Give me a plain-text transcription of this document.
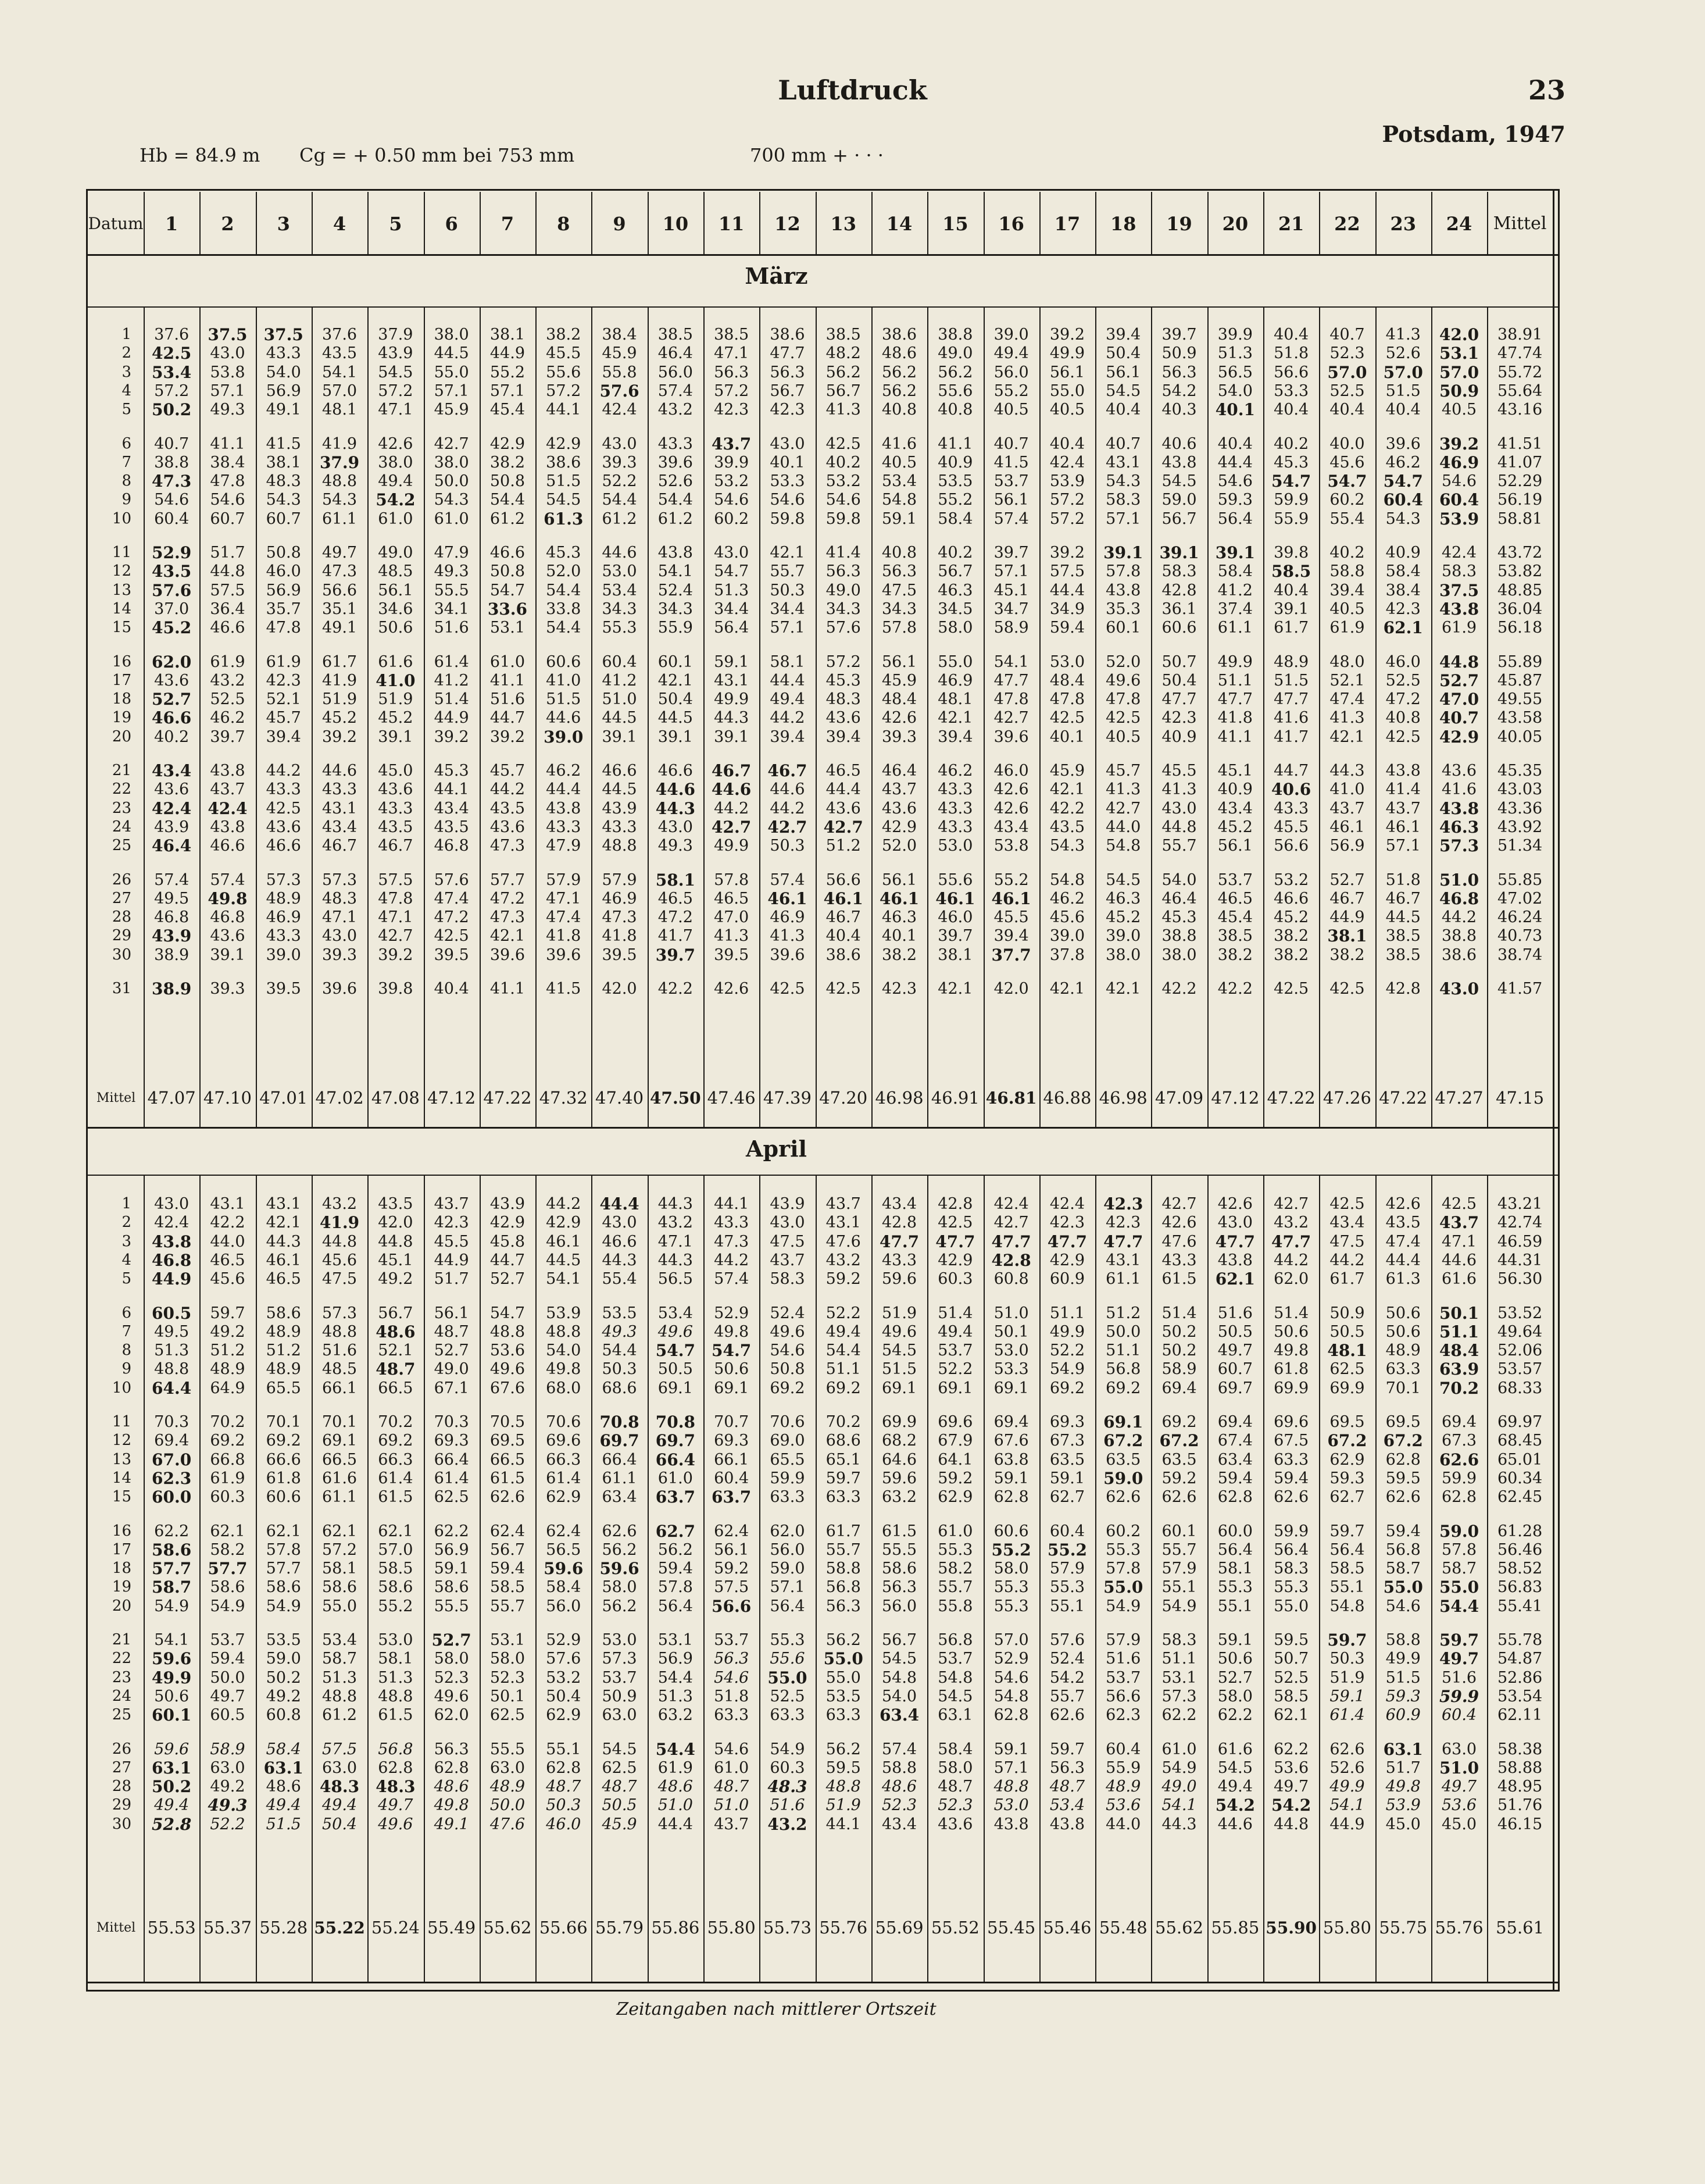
Luftdruck	23
Potsdam, 1947
Hb = 84.9 m Cg = + 0.50 mm bei 753 mm	700 mm + · · ·
Zeitangaben nach mittlerer Ortszeit
Datum	1	2	3	4	5	6	7	8	9	10	11	12	13	14	15	16	17	18	19	20	21	22	23	24	Mittel
März
1	37.6	37.5	37.5	37.6	37.9	38.0	38.1	38.2	38.4	38.5	38.5	38.6	38.5	38.6	38.8	39.0	39.2	39.4	39.7	39.9	40.4	40.7	41.3	42.0	38.91
2	42.5	43.0	43.3	43.5	43.9	44.5	44.9	45.5	45.9	46.4	47.1	47.7	48.2	48.6	49.0	49.4	49.9	50.4	50.9	51.3	51.8	52.3	52.6	53.1	47.74
3	53.4	53.8	54.0	54.1	54.5	55.0	55.2	55.6	55.8	56.0	56.3	56.3	56.2	56.2	56.2	56.0	56.1	56.1	56.3	56.5	56.6	57.0	57.0	57.0	55.72
4	57.2	57.1	56.9	57.0	57.2	57.1	57.1	57.2	57.6	57.4	57.2	56.7	56.7	56.2	55.6	55.2	55.0	54.5	54.2	54.0	53.3	52.5	51.5	50.9	55.64
5	50.2	49.3	49.1	48.1	47.1	45.9	45.4	44.1	42.4	43.2	42.3	42.3	41.3	40.8	40.8	40.5	40.5	40.4	40.3	40.1	40.4	40.4	40.4	40.5	43.16
6	40.7	41.1	41.5	41.9	42.6	42.7	42.9	42.9	43.0	43.3	43.7	43.0	42.5	41.6	41.1	40.7	40.4	40.7	40.6	40.4	40.2	40.0	39.6	39.2	41.51
7	38.8	38.4	38.1	37.9	38.0	38.0	38.2	38.6	39.3	39.6	39.9	40.1	40.2	40.5	40.9	41.5	42.4	43.1	43.8	44.4	45.3	45.6	46.2	46.9	41.07
8	47.3	47.8	48.3	48.8	49.4	50.0	50.8	51.5	52.2	52.6	53.2	53.3	53.2	53.4	53.5	53.7	53.9	54.3	54.5	54.6	54.7	54.7	54.7	54.6	52.29
9	54.6	54.6	54.3	54.3	54.2	54.3	54.4	54.5	54.4	54.4	54.6	54.6	54.6	54.8	55.2	56.1	57.2	58.3	59.0	59.3	59.9	60.2	60.4	60.4	56.19
10	60.4	60.7	60.7	61.1	61.0	61.0	61.2	61.3	61.2	61.2	60.2	59.8	59.8	59.1	58.4	57.4	57.2	57.1	56.7	56.4	55.9	55.4	54.3	53.9	58.81
11	52.9	51.7	50.8	49.7	49.0	47.9	46.6	45.3	44.6	43.8	43.0	42.1	41.4	40.8	40.2	39.7	39.2	39.1	39.1	39.1	39.8	40.2	40.9	42.4	43.72
12	43.5	44.8	46.0	47.3	48.5	49.3	50.8	52.0	53.0	54.1	54.7	55.7	56.3	56.3	56.7	57.1	57.5	57.8	58.3	58.4	58.5	58.8	58.4	58.3	53.82
13	57.6	57.5	56.9	56.6	56.1	55.5	54.7	54.4	53.4	52.4	51.3	50.3	49.0	47.5	46.3	45.1	44.4	43.8	42.8	41.2	40.4	39.4	38.4	37.5	48.85
14	37.0	36.4	35.7	35.1	34.6	34.1	33.6	33.8	34.3	34.3	34.4	34.4	34.3	34.3	34.5	34.7	34.9	35.3	36.1	37.4	39.1	40.5	42.3	43.8	36.04
15	45.2	46.6	47.8	49.1	50.6	51.6	53.1	54.4	55.3	55.9	56.4	57.1	57.6	57.8	58.0	58.9	59.4	60.1	60.6	61.1	61.7	61.9	62.1	61.9	56.18
16	62.0	61.9	61.9	61.7	61.6	61.4	61.0	60.6	60.4	60.1	59.1	58.1	57.2	56.1	55.0	54.1	53.0	52.0	50.7	49.9	48.9	48.0	46.0	44.8	55.89
17	43.6	43.2	42.3	41.9	41.0	41.2	41.1	41.0	41.2	42.1	43.1	44.4	45.3	45.9	46.9	47.7	48.4	49.6	50.4	51.1	51.5	52.1	52.5	52.7	45.87
18	52.7	52.5	52.1	51.9	51.9	51.4	51.6	51.5	51.0	50.4	49.9	49.4	48.3	48.4	48.1	47.8	47.8	47.8	47.7	47.7	47.7	47.4	47.2	47.0	49.55
19	46.6	46.2	45.7	45.2	45.2	44.9	44.7	44.6	44.5	44.5	44.3	44.2	43.6	42.6	42.1	42.7	42.5	42.5	42.3	41.8	41.6	41.3	40.8	40.7	43.58
20	40.2	39.7	39.4	39.2	39.1	39.2	39.2	39.0	39.1	39.1	39.1	39.4	39.4	39.3	39.4	39.6	40.1	40.5	40.9	41.1	41.7	42.1	42.5	42.9	40.05
21	43.4	43.8	44.2	44.6	45.0	45.3	45.7	46.2	46.6	46.6	46.7	46.7	46.5	46.4	46.2	46.0	45.9	45.7	45.5	45.1	44.7	44.3	43.8	43.6	45.35
22	43.6	43.7	43.3	43.3	43.6	44.1	44.2	44.4	44.5	44.6	44.6	44.6	44.4	43.7	43.3	42.6	42.1	41.3	41.3	40.9	40.6	41.0	41.4	41.6	43.03
23	42.4	42.4	42.5	43.1	43.3	43.4	43.5	43.8	43.9	44.3	44.2	44.2	43.6	43.6	43.3	42.6	42.2	42.7	43.0	43.4	43.3	43.7	43.7	43.8	43.36
24	43.9	43.8	43.6	43.4	43.5	43.5	43.6	43.3	43.3	43.0	42.7	42.7	42.7	42.9	43.3	43.4	43.5	44.0	44.8	45.2	45.5	46.1	46.1	46.3	43.92
25	46.4	46.6	46.6	46.7	46.7	46.8	47.3	47.9	48.8	49.3	49.9	50.3	51.2	52.0	53.0	53.8	54.3	54.8	55.7	56.1	56.6	56.9	57.1	57.3	51.34
26	57.4	57.4	57.3	57.3	57.5	57.6	57.7	57.9	57.9	58.1	57.8	57.4	56.6	56.1	55.6	55.2	54.8	54.5	54.0	53.7	53.2	52.7	51.8	51.0	55.85
27	49.5	49.8	48.9	48.3	47.8	47.4	47.2	47.1	46.9	46.5	46.5	46.1	46.1	46.1	46.1	46.1	46.2	46.3	46.4	46.5	46.6	46.7	46.7	46.8	47.02
28	46.8	46.8	46.9	47.1	47.1	47.2	47.3	47.4	47.3	47.2	47.0	46.9	46.7	46.3	46.0	45.5	45.6	45.2	45.3	45.4	45.2	44.9	44.5	44.2	46.24
29	43.9	43.6	43.3	43.0	42.7	42.5	42.1	41.8	41.8	41.7	41.3	41.3	40.4	40.1	39.7	39.4	39.0	39.0	38.8	38.5	38.2	38.1	38.5	38.8	40.73
30	38.9	39.1	39.0	39.3	39.2	39.5	39.6	39.6	39.5	39.7	39.5	39.6	38.6	38.2	38.1	37.7	37.8	38.0	38.0	38.2	38.2	38.2	38.5	38.6	38.74
31	38.9	39.3	39.5	39.6	39.8	40.4	41.1	41.5	42.0	42.2	42.6	42.5	42.5	42.3	42.1	42.0	42.1	42.1	42.2	42.2	42.5	42.5	42.8	43.0	41.57
Mittel 47.07 47.10 47.01 47.02 47.08 47.12 47.22 47.32 47.40 47.50 47.46 47.39 47.20 46.98 46.91 46.81 46.88 46.98 47.09 47.12 47.22 47.26 47.22 47.27 47.15
April
1	43.0	43.1	43.1	43.2	43.5	43.7	43.9	44.2	44.4	44.3	44.1	43.9	43.7	43.4	42.8	42.4	42.4	42.3	42.7	42.6	42.7	42.5	42.6	42.5	43.21
2	42.4	42.2	42.1	41.9	42.0	42.3	42.9	42.9	43.0	43.2	43.3	43.0	43.1	42.8	42.5	42.7	42.3	42.3	42.6	43.0	43.2	43.4	43.5	43.7	42.74
3	43.8	44.0	44.3	44.8	44.8	45.5	45.8	46.1	46.6	47.1	47.3	47.5	47.6	47.7	47.7	47.7	47.7	47.7	47.6	47.7	47.7	47.5	47.4	47.1	46.59
4	46.8	46.5	46.1	45.6	45.1	44.9	44.7	44.5	44.3	44.3	44.2	43.7	43.2	43.3	42.9	42.8	42.9	43.1	43.3	43.8	44.2	44.2	44.4	44.6	44.31
5	44.9	45.6	46.5	47.5	49.2	51.7	52.7	54.1	55.4	56.5	57.4	58.3	59.2	59.6	60.3	60.8	60.9	61.1	61.5	62.1	62.0	61.7	61.3	61.6	56.30
6	60.5	59.7	58.6	57.3	56.7	56.1	54.7	53.9	53.5	53.4	52.9	52.4	52.2	51.9	51.4	51.0	51.1	51.2	51.4	51.6	51.4	50.9	50.6	50.1	53.52
7	49.5	49.2	48.9	48.8	48.6	48.7	48.8	48.8	49.3	49.6	49.8	49.6	49.4	49.6	49.4	50.1	49.9	50.0	50.2	50.5	50.6	50.5	50.6	51.1	49.64
8	51.3	51.2	51.2	51.6	52.1	52.7	53.6	54.0	54.4	54.7	54.7	54.6	54.4	54.5	53.7	53.0	52.2	51.1	50.2	49.7	49.8	48.1	48.9	48.4	52.06
9	48.8	48.9	48.9	48.5	48.7	49.0	49.6	49.8	50.3	50.5	50.6	50.8	51.1	51.5	52.2	53.3	54.9	56.8	58.9	60.7	61.8	62.5	63.3	63.9	53.57
10	64.4	64.9	65.5	66.1	66.5	67.1	67.6	68.0	68.6	69.1	69.1	69.2	69.2	69.1	69.1	69.1	69.2	69.2	69.4	69.7	69.9	69.9	70.1	70.2	68.33
11	70.3	70.2	70.1	70.1	70.2	70.3	70.5	70.6	70.8	70.8	70.7	70.6	70.2	69.9	69.6	69.4	69.3	69.1	69.2	69.4	69.6	69.5	69.5	69.4	69.97
12	69.4	69.2	69.2	69.1	69.2	69.3	69.5	69.6	69.7	69.7	69.3	69.0	68.6	68.2	67.9	67.6	67.3	67.2	67.2	67.4	67.5	67.2	67.2	67.3	68.45
13	67.0	66.8	66.6	66.5	66.3	66.4	66.5	66.3	66.4	66.4	66.1	65.5	65.1	64.6	64.1	63.8	63.5	63.5	63.5	63.4	63.3	62.9	62.8	62.6	65.01
14	62.3	61.9	61.8	61.6	61.4	61.4	61.5	61.4	61.1	61.0	60.4	59.9	59.7	59.6	59.2	59.1	59.1	59.0	59.2	59.4	59.4	59.3	59.5	59.9	60.34
15	60.0	60.3	60.6	61.1	61.5	62.5	62.6	62.9	63.4	63.7	63.7	63.3	63.3	63.2	62.9	62.8	62.7	62.6	62.6	62.8	62.6	62.7	62.6	62.8	62.45
16	62.2	62.1	62.1	62.1	62.1	62.2	62.4	62.4	62.6	62.7	62.4	62.0	61.7	61.5	61.0	60.6	60.4	60.2	60.1	60.0	59.9	59.7	59.4	59.0	61.28
17	58.6	58.2	57.8	57.2	57.0	56.9	56.7	56.5	56.2	56.2	56.1	56.0	55.7	55.5	55.3	55.2	55.2	55.3	55.7	56.4	56.4	56.4	56.8	57.8	56.46
18	57.7	57.7	57.7	58.1	58.5	59.1	59.4	59.6	59.6	59.4	59.2	59.0	58.8	58.6	58.2	58.0	57.9	57.8	57.9	58.1	58.3	58.5	58.7	58.7	58.52
19	58.7	58.6	58.6	58.6	58.6	58.6	58.5	58.4	58.0	57.8	57.5	57.1	56.8	56.3	55.7	55.3	55.3	55.0	55.1	55.3	55.3	55.1	55.0	55.0	56.83
20	54.9	54.9	54.9	55.0	55.2	55.5	55.7	56.0	56.2	56.4	56.6	56.4	56.3	56.0	55.8	55.3	55.1	54.9	54.9	55.1	55.0	54.8	54.6	54.4	55.41
21	54.1	53.7	53.5	53.4	53.0	52.7	53.1	52.9	53.0	53.1	53.7	55.3	56.2	56.7	56.8	57.0	57.6	57.9	58.3	59.1	59.5	59.7	58.8	59.7	55.78
22	59.6	59.4	59.0	58.7	58.1	58.0	58.0	57.6	57.3	56.9	56.3	55.6	55.0	54.5	53.7	52.9	52.4	51.6	51.1	50.6	50.7	50.3	49.9	49.7	54.87
23	49.9	50.0	50.2	51.3	51.3	52.3	52.3	53.2	53.7	54.4	54.6	55.0	55.0	54.8	54.8	54.6	54.2	53.7	53.1	52.7	52.5	51.9	51.5	51.6	52.86
24	50.6	49.7	49.2	48.8	48.8	49.6	50.1	50.4	50.9	51.3	51.8	52.5	53.5	54.0	54.5	54.8	55.7	56.6	57.3	58.0	58.5	59.1	59.3	59.9	53.54
25	60.1	60.5	60.8	61.2	61.5	62.0	62.5	62.9	63.0	63.2	63.3	63.3	63.3	63.4	63.1	62.8	62.6	62.3	62.2	62.2	62.1	61.4	60.9	60.4	62.11
26	59.6	58.9	58.4	57.5	56.8	56.3	55.5	55.1	54.5	54.4	54.6	54.9	56.2	57.4	58.4	59.1	59.7	60.4	61.0	61.6	62.2	62.6	63.1	63.0	58.38
27	63.1	63.0	63.1	63.0	62.8	62.8	63.0	62.8	62.5	61.9	61.0	60.3	59.5	58.8	58.0	57.1	56.3	55.9	54.9	54.5	53.6	52.6	51.7	51.0	58.88
28	50.2	49.2	48.6	48.3	48.3	48.6	48.9	48.7	48.7	48.6	48.7	48.3	48.8	48.6	48.7	48.8	48.7	48.9	49.0	49.4	49.7	49.9	49.8	49.7	48.95
29	49.4	49.3	49.4	49.4	49.7	49.8	50.0	50.3	50.5	51.0	51.0	51.6	51.9	52.3	52.3	53.0	53.4	53.6	54.1	54.2	54.2	54.1	53.9	53.6	51.76
30	52.8	52.2	51.5	50.4	49.6	49.1	47.6	46.0	45.9	44.4	43.7	43.2	44.1	43.4	43.6	43.8	43.8	44.0	44.3	44.6	44.8	44.9	45.0	45.0	46.15
Mittel 55.53 55.37 55.28 55.22 55.24 55.49 55.62 55.66 55.79 55.86 55.80 55.73 55.76 55.69 55.52 55.45 55.46 55.48 55.62 55.85 55.90 55.80 55.75 55.76 55.61
